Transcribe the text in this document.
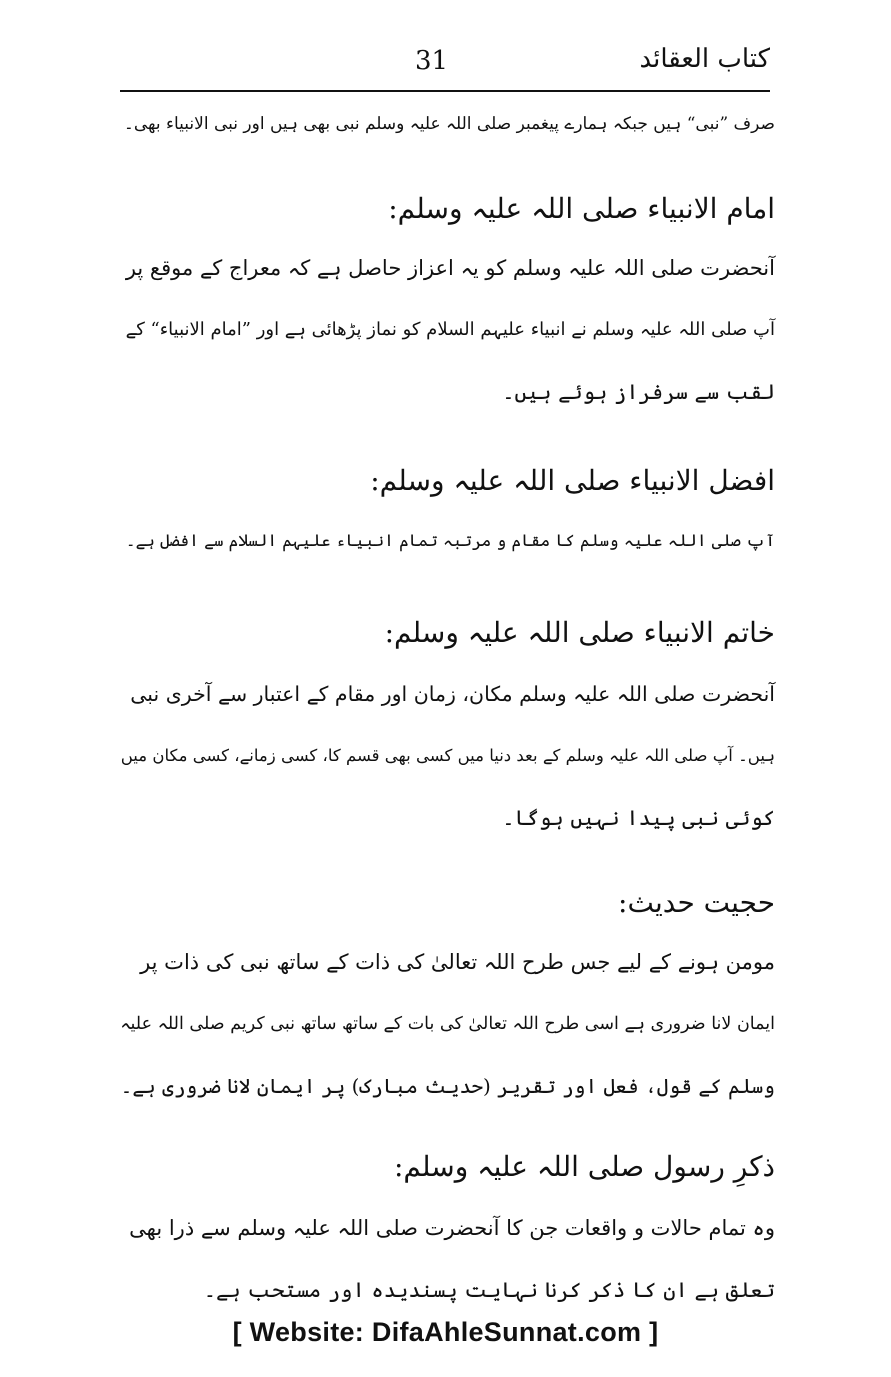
کتاب العقائد
31
صرف ”نبی“ ہیں جبکہ ہمارے پیغمبر صلی اللہ علیہ وسلم نبی بھی ہیں اور نبی الانبیاء بھی۔
امام الانبیاء صلی اللہ علیہ وسلم:
آنحضرت صلی اللہ علیہ وسلم کو یہ اعزاز حاصل ہے کہ معراج کے موقع پر
آپ صلی اللہ علیہ وسلم نے انبیاء علیہم السلام کو نماز پڑھائی ہے اور ”امام الانبیاء“ کے
لقب سے سرفراز ہوئے ہیں۔
افضل الانبیاء صلی اللہ علیہ وسلم:
آپ صلی اللہ علیہ وسلم کا مقام و مرتبہ تمام انبیاء علیہم السلام سے افضل ہے۔
خاتم الانبیاء صلی اللہ علیہ وسلم:
آنحضرت صلی اللہ علیہ وسلم مکان، زمان اور مقام کے اعتبار سے آخری نبی
ہیں۔ آپ صلی اللہ علیہ وسلم کے بعد دنیا میں کسی بھی قسم کا، کسی زمانے، کسی مکان میں
کوئی نبی پیدا نہیں ہوگا۔
حجیت حدیث:
مومن ہونے کے لیے جس طرح اللہ تعالیٰ کی ذات کے ساتھ نبی کی ذات پر
ایمان لانا ضروری ہے اسی طرح اللہ تعالیٰ کی بات کے ساتھ ساتھ نبی کریم صلی اللہ علیہ
وسلم کے قول، فعل اور تقریر (حدیث مبارک) پر ایمان لانا ضروری ہے۔
ذکرِ رسول صلی اللہ علیہ وسلم:
وہ تمام حالات و واقعات جن کا آنحضرت صلی اللہ علیہ وسلم سے ذرا بھی
تعلق ہے ان کا ذکر کرنا نہایت پسندیدہ اور مستحب ہے۔
[ Website: DifaAhleSunnat.com ]
